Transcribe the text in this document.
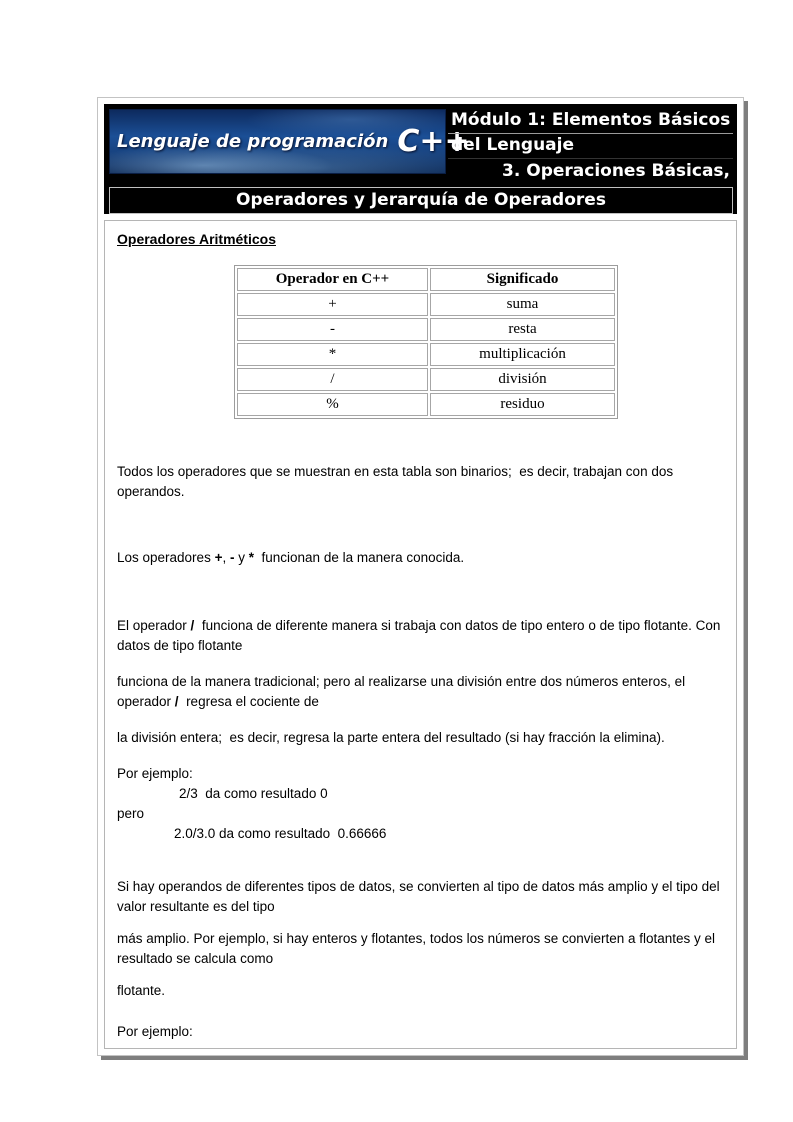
Lenguaje de programación C++
Módulo 1: Elementos Básicos
del Lenguaje
3. Operaciones Básicas,
Operadores y Jerarquía de Operadores
Operadores Aritméticos
Operador en C++	Significado
+	suma
-	resta
*	multiplicación
/	división
%	residuo
Todos los operadores que se muestran en esta tabla son binarios;  es decir, trabajan con dos operandos.
Los operadores +, - y *  funcionan de la manera conocida.
El operador /  funciona de diferente manera si trabaja con datos de tipo entero o de tipo flotante. Con datos de tipo flotante
funciona de la manera tradicional; pero al realizarse una división entre dos números enteros, el operador /  regresa el cociente de
la división entera;  es decir, regresa la parte entera del resultado (si hay fracción la elimina).
Por ejemplo:
2/3  da como resultado 0
pero
2.0/3.0 da como resultado  0.66666
Si hay operandos de diferentes tipos de datos, se convierten al tipo de datos más amplio y el tipo del valor resultante es del tipo
más amplio. Por ejemplo, si hay enteros y flotantes, todos los números se convierten a flotantes y el resultado se calcula como
flotante.
Por ejemplo:
